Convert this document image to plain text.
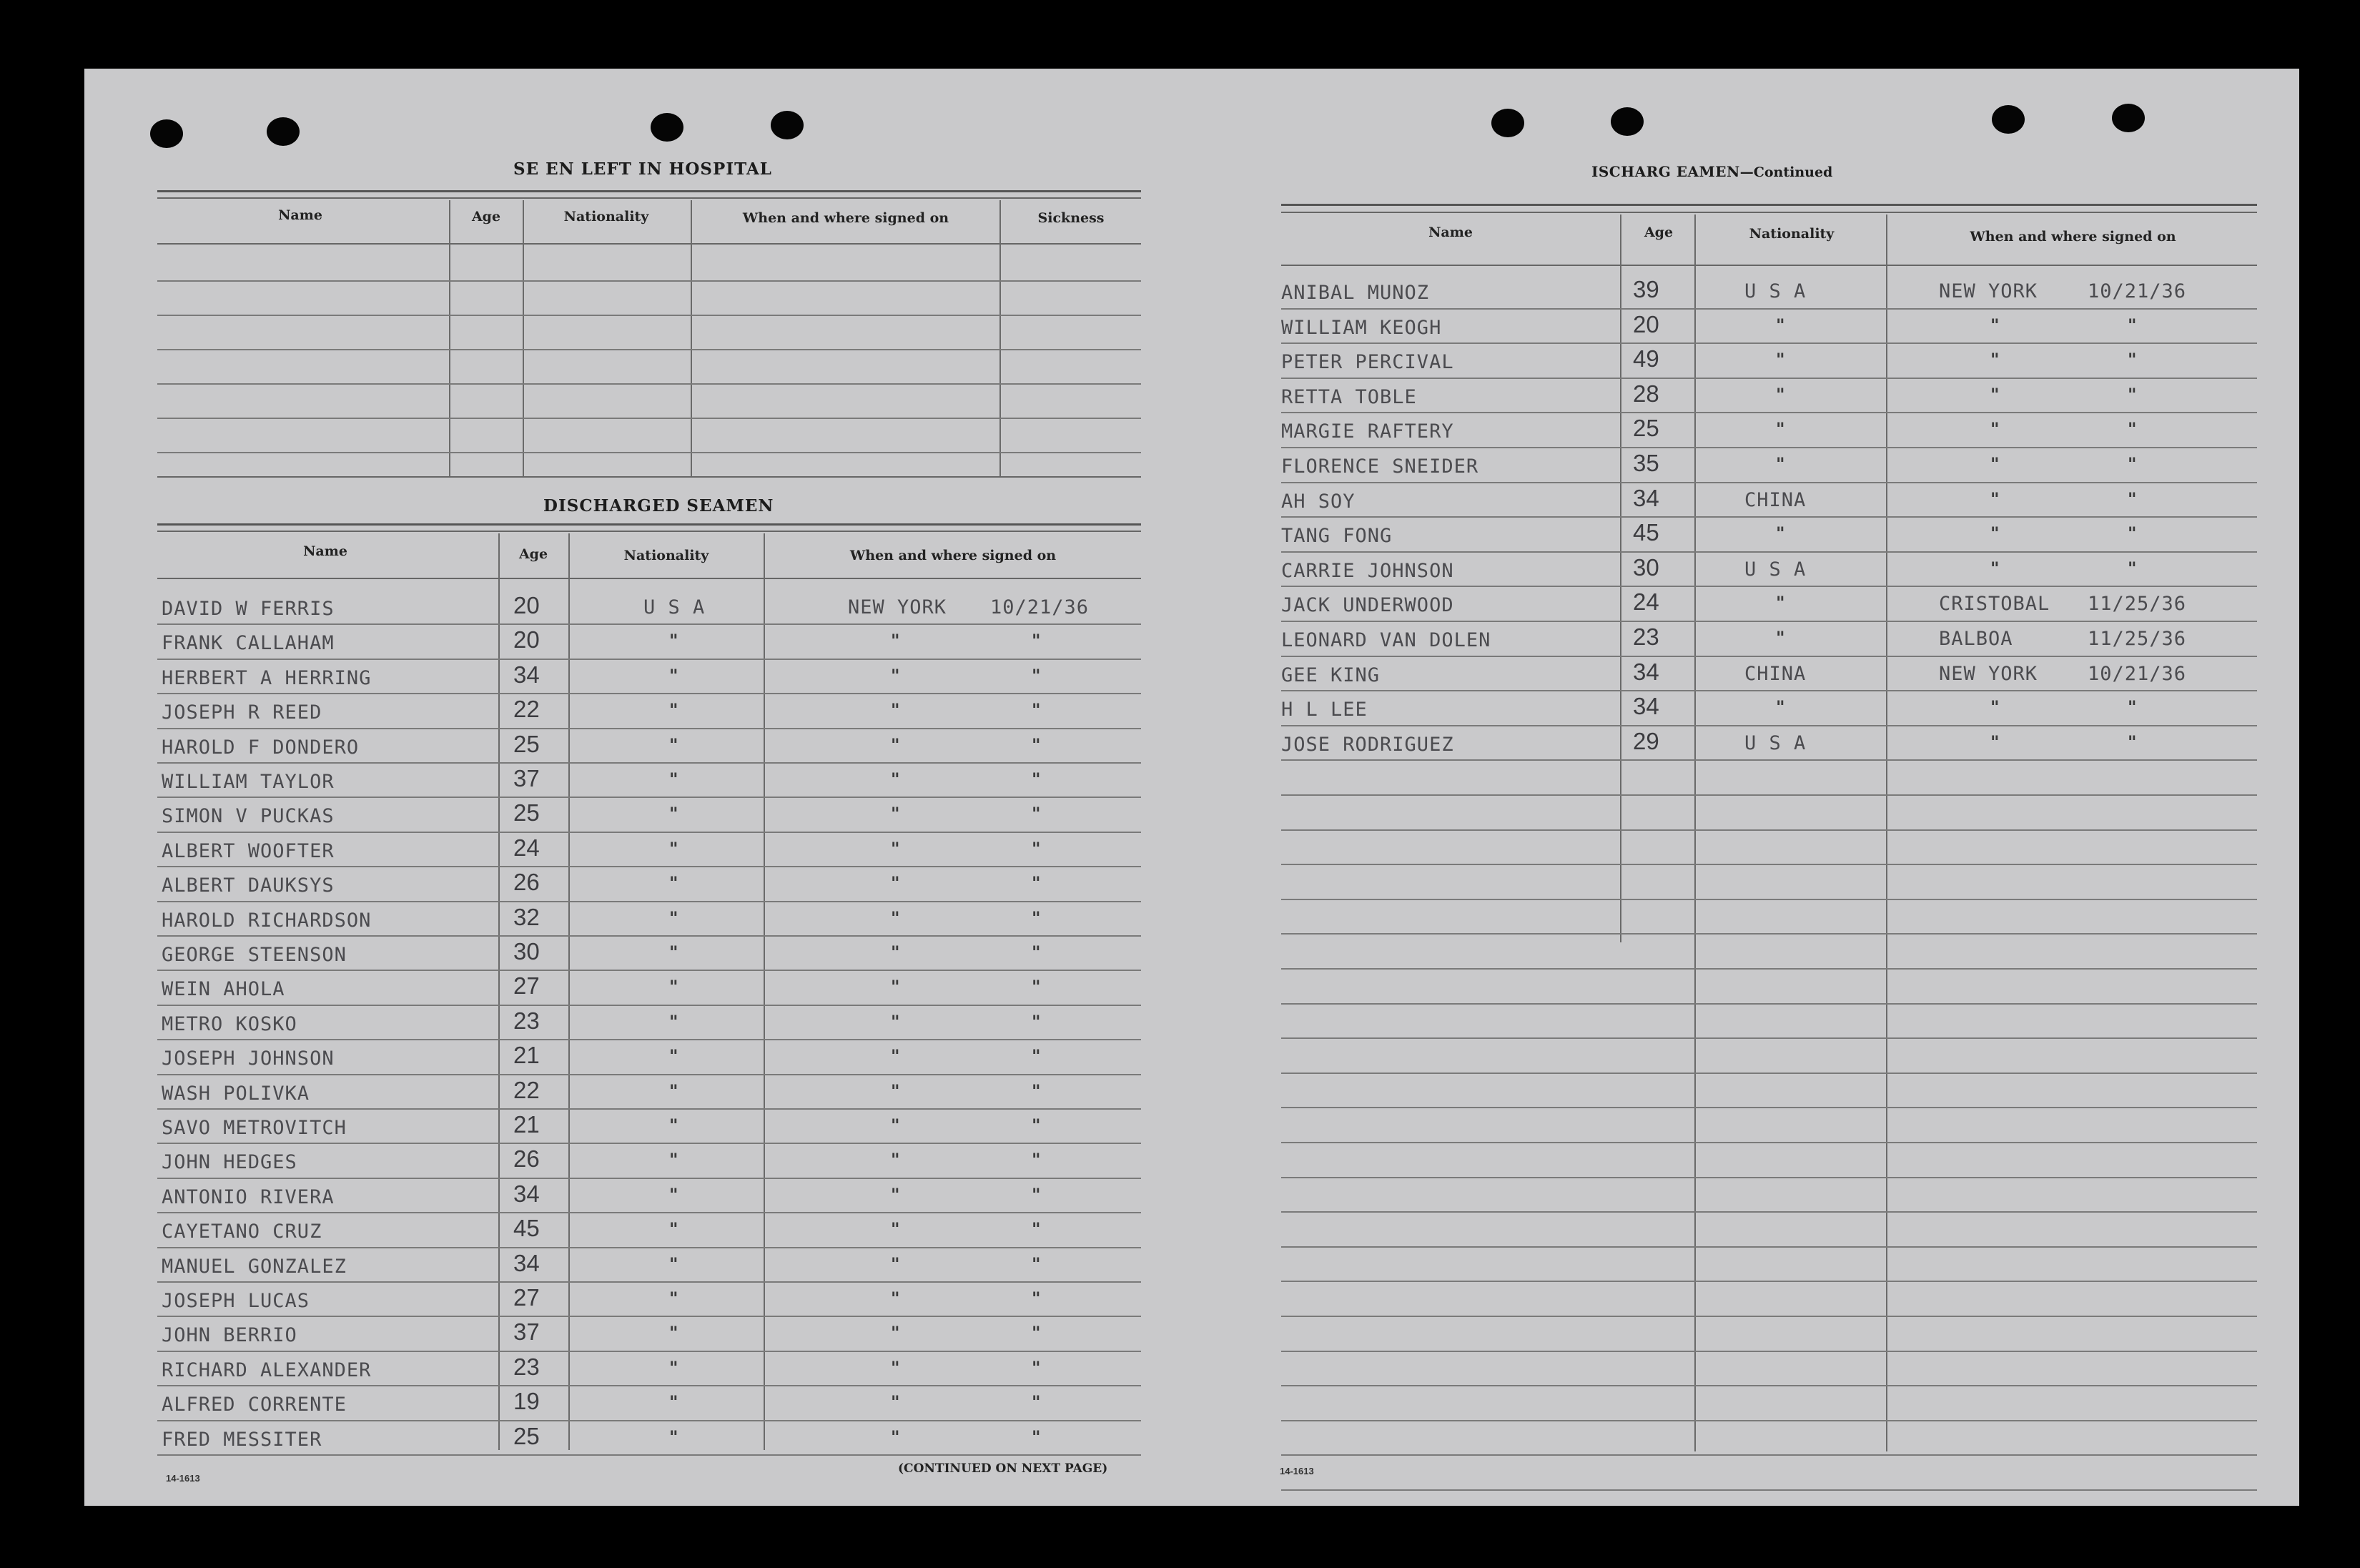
SE EN LEFT IN HOSPITAL
Name	Age	Nationality	When and where signed on	Sickness
DISCHARGED SEAMEN
Name	Age	Nationality	When and where signed on
DAVID W FERRIS	20	U S A	NEW YORK 10/21/36
FRANK CALLAHAM	20	"	"	"
HERBERT A HERRING	34	"	"	"
JOSEPH R REED	22	"	"	"
HAROLD F DONDERO	25	"	"	"
WILLIAM TAYLOR	37	"	"	"
SIMON V PUCKAS	25	"	"	"
ALBERT WOOFTER	24	"	"	"
ALBERT DAUKSYS	26	"	"	"
HAROLD RICHARDSON	32	"	"	"
GEORGE STEENSON	30	"	"	"
WEIN AHOLA	27	"	"	"
METRO KOSKO	23	"	"	"
JOSEPH JOHNSON	21	"	"	"
WASH POLIVKA	22	"	"	"
SAVO METROVITCH	21	"	"	"
JOHN HEDGES	26	"	"	"
ANTONIO RIVERA	34	"	"	"
CAYETANO CRUZ	45	"	"	"
MANUEL GONZALEZ	34	"	"	"
JOSEPH LUCAS	27	"	"	"
JOHN BERRIO	37	"	"	"
RICHARD ALEXANDER	23	"	"	"
ALFRED CORRENTE	19	"	"	"
FRED MESSITER	25	"	"	"
14-1613
(CONTINUED ON NEXT PAGE)
ISCHARG EAMEN—Continued
Name	Age	Nationality	When and where signed on
ANIBAL MUNOZ	39	U S A	NEW YORK	10/21/36
WILLIAM KEOGH	20	"	"	"
PETER PERCIVAL	49	"	"	"
RETTA TOBLE	28	"	"	"
MARGIE RAFTERY	25	"	"	"
FLORENCE SNEIDER	35	"	"	"
AH SOY	34	CHINA	"	"
TANG FONG	45	"	"	"
CARRIE JOHNSON	30	U S A	"	"
JACK UNDERWOOD	24	"	CRISTOBAL 11/25/36
LEONARD VAN DOLEN	23	"	BALBOA	11/25/36
GEE KING	34	CHINA	NEW YORK	10/21/36
H L LEE	34	"	"	"
JOSE RODRIGUEZ	29	U S A	"	"
14-1613
